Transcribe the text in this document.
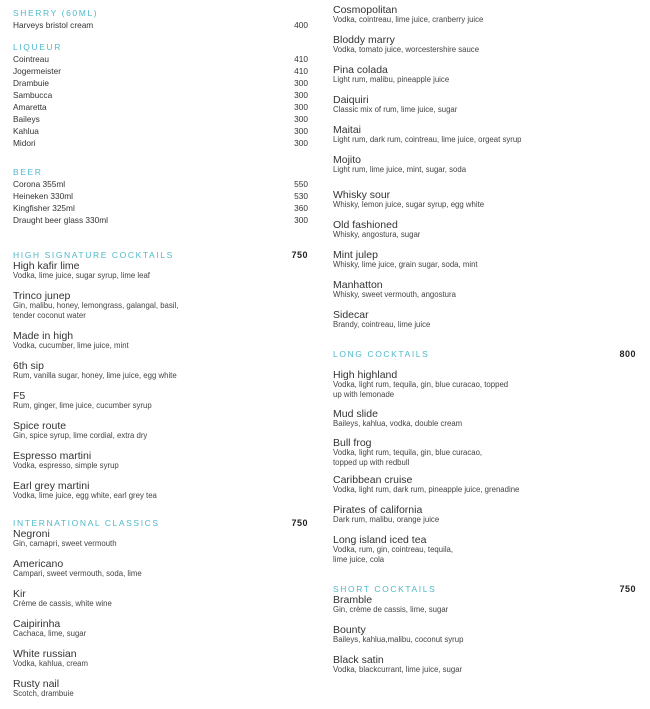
SHERRY (60ML)
Harveys bristol cream	400
LIQUEUR
Cointreau	410
Jogermeister	410
Drambuie	300
Sambucca	300
Amaretta	300
Baileys	300
Kahlua	300
Midori	300
BEER
Corona 355ml	550
Heineken 330ml	530
Kingfisher 325ml	360
Draught beer glass 330ml	300
HIGH SIGNATURE COCKTAILS	750
High kafir lime
Vodka, lime juice, sugar syrup, lime leaf
Trinco junep
Gin, malibu, honey, lemongrass, galangal, basil,
tender coconut water
Made in high
Vodka, cucumber, lime juice, mint
6th sip
Rum, vanilla sugar, honey, lime juice, egg white
F5
Rum, ginger, lime juice, cucumber syrup
Spice route
Gin, spice syrup, lime cordial, extra dry
Espresso martini
Vodka, espresso, simple syrup
Earl grey martini
Vodka, lime juice, egg white, earl grey tea
INTERNATIONAL CLASSICS	750
Negroni
Gin, camapri, sweet vermouth
Americano
Campari, sweet vermouth, soda, lime
Kir
Crème de cassis, white wine
Caipirinha
Cachaca, lime, sugar
White russian
Vodka, kahlua, cream
Rusty nail
Scotch, drambuie
Cosmopolitan
Vodka, cointreau, lime juice, cranberry juice
Bloddy marry
Vodka, tomato juice, worcestershire sauce
Pina colada
Light rum, malibu, pineapple juice
Daiquiri
Classic mix of rum, lime juice, sugar
Maitai
Light rum, dark rum, cointreau, lime juice, orgeat syrup
Mojito
Light rum, lime juice, mint, sugar, soda
Whisky sour
Whisky, lemon juice, sugar syrup, egg white
Old fashioned
Whisky, angostura, sugar
Mint julep
Whisky, lime juice, grain sugar, soda, mint
Manhatton
Whisky, sweet vermouth, angostura
Sidecar
Brandy, cointreau, lime juice
LONG COCKTAILS	800
High highland
Vodka, light rum, tequila, gin, blue curacao, topped
up with lemonade
Mud slide
Baileys, kahlua, vodka, double cream
Bull frog
Vodka, light rum, tequila, gin, blue curacao,
topped up with redbull
Caribbean cruise
Vodka, light rum, dark rum, pineapple juice, grenadine
Pirates of california
Dark rum, malibu, orange juice
Long island iced tea
Vodka, rum, gin, cointreau, tequila,
lime juice, cola
SHORT COCKTAILS	750
Bramble
Gin, crème de cassis, lime, sugar
Bounty
Baileys, kahlua,malibu, coconut syrup
Black satin
Vodka, blackcurrant, lime juice, sugar
